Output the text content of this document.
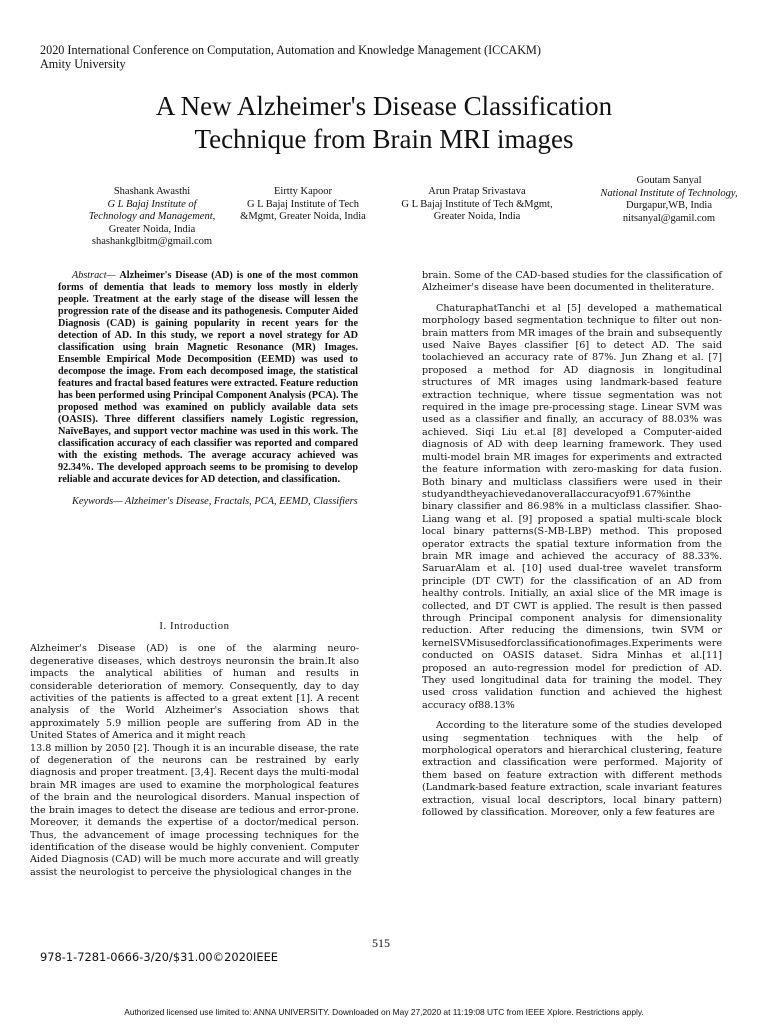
2020 International Conference on Computation, Automation and Knowledge Management (ICCAKM)
Amity University
A New Alzheimer's Disease Classification
Technique from Brain MRI images
Shashank Awasthi
G L Bajaj Institute of
Technology and Management,
Greater Noida, India
shashankglbitm@gmail.com
Eirtty Kapoor
G L Bajaj Institute of Tech
&Mgmt, Greater Noida, India
Arun Pratap Srivastava
G L Bajaj Institute of Tech &Mgmt,
Greater Noida, India
Goutam Sanyal
National Institute of Technology,
Durgapur,WB, India
nitsanyal@gamil.com

Abstract— Alzheimer's Disease (AD) is one of the most common forms of dementia that leads to memory loss mostly in elderly people. Treatment at the early stage of the disease will lessen the progression rate of the disease and its pathogenesis. Computer Aided Diagnosis (CAD) is gaining popularity in recent years for the detection of AD. In this study, we report a novel strategy for AD classification using brain Magnetic Resonance (MR) Images. Ensemble Empirical Mode Decomposition (EEMD) was used to decompose the image. From each decomposed image, the statistical features and fractal based features were extracted. Feature reduction has been performed using Principal Component Analysis (PCA). The proposed method was examined on publicly available data sets (OASIS). Three different classifiers namely Logistic regression, NaïveBayes, and support vector machine was used in this work. The classification accuracy of each classifier was reported and compared with the existing methods. The average accuracy achieved was 92.34%. The developed approach seems to be promising to develop reliable and accurate devices for AD detection, and classification.

Keywords— Alzheimer's Disease, Fractals, PCA, EEMD, Classifiers

I. Introduction

Alzheimer's Disease (AD) is one of the alarming neuro-degenerative diseases, which destroys neuronsin the brain.It also impacts the analytical abilities of human and results in considerable deterioration of memory. Consequently, day to day activities of the patients is affected to a great extent [1]. A recent analysis of the World Alzheimer's Association shows that approximately 5.9 million people are suffering from AD in the United States of America and it might reach

13.8 million by 2050 [2]. Though it is an incurable disease, the rate of degeneration of the neurons can be restrained by early diagnosis and proper treatment. [3,4]. Recent days the multi-modal brain MR images are used to examine the morphological features of the brain and the neurological disorders. Manual inspection of the brain images to detect the disease are tedious and error-prone. Moreover, it demands the expertise of a doctor/medical person. Thus, the advancement of image processing techniques for the identification of the disease would be highly convenient. Computer Aided Diagnosis (CAD) will be much more accurate and will greatly assist the neurologist to perceive the physiological changes in the

brain. Some of the CAD-based studies for the classification of Alzheimer's disease have been documented in theliterature.

ChaturaphatTanchi et al [5] developed a mathematical morphology based segmentation technique to filter out non- brain matters from MR images of the brain and subsequently used Naive Bayes classifier [6] to detect AD. The said toolachieved an accuracy rate of 87%. Jun Zhang et al. [7] proposed a method for AD diagnosis in longitudinal structures of MR images using landmark-based feature extraction technique, where tissue segmentation was not required in the image pre-processing stage. Linear SVM was used as a classifier and finally, an accuracy of 88.03% was achieved. Siqi Liu et.al [8] developed a Computer-aided diagnosis of AD with deep learning framework. They used multi-model brain MR images for experiments and extracted the feature information with zero-masking for data fusion. Both binary and multiclass classifiers were used in their studyandtheyachievedanoverallaccuracyof91.67%inthe binary classifier and 86.98% in a multiclass classifier. Shao- Liang wang et al. [9] proposed a spatial multi-scale block local binary patterns(S-MB-LBP) method. This proposed operator extracts the spatial texture information from the brain MR image and achieved the accuracy of 88.33%. SaruarAlam et al. [10] used dual-tree wavelet transform principle (DT CWT) for the classification of an AD from healthy controls. Initially, an axial slice of the MR image is collected, and DT CWT is applied. The result is then passed through Principal component analysis for dimensionality reduction. After reducing the dimensions, twin SVM or kernelSVMisusedforclassificationofimages.Experiments were conducted on OASIS dataset. Sidra Minhas et al.[11] proposed an auto-regression model for prediction of AD. They used longitudinal data for training the model. They used cross validation function and achieved the highest accuracy of88.13%

According to the literature some of the studies developed using segmentation techniques with the help of morphological operators and hierarchical clustering, feature extraction and classification were performed. Majority of them based on feature extraction with different methods (Landmark-based feature extraction, scale invariant features extraction, visual local descriptors, local binary pattern) followed by classification. Moreover, only a few features are

515
978-1-7281-0666-3/20/$31.00©2020IEEE
Authorized licensed use limited to: ANNA UNIVERSITY. Downloaded on May 27,2020 at 11:19:08 UTC from IEEE Xplore. Restrictions apply.
